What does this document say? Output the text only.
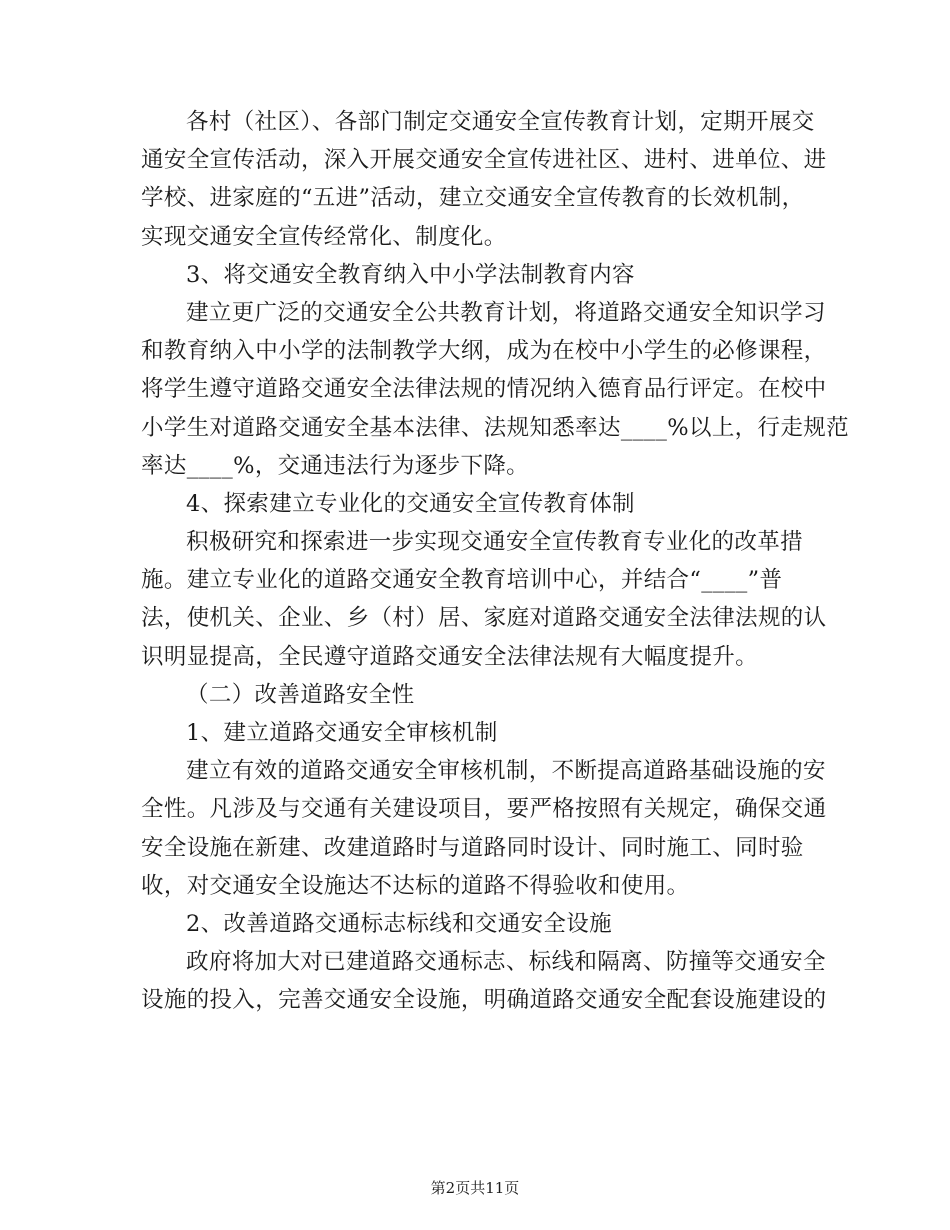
各村（社区）、各部门制定交通安全宣传教育计划，定期开展交
通安全宣传活动，深入开展交通安全宣传进社区、进村、进单位、进
学校、进家庭的“五进”活动，建立交通安全宣传教育的长效机制，
实现交通安全宣传经常化、制度化。
3、将交通安全教育纳入中小学法制教育内容
建立更广泛的交通安全公共教育计划，将道路交通安全知识学习
和教育纳入中小学的法制教学大纲，成为在校中小学生的必修课程，
将学生遵守道路交通安全法律法规的情况纳入德育品行评定。在校中
小学生对道路交通安全基本法律、法规知悉率达____%以上，行走规范
率达____%，交通违法行为逐步下降。
4、探索建立专业化的交通安全宣传教育体制
积极研究和探索进一步实现交通安全宣传教育专业化的改革措
施。建立专业化的道路交通安全教育培训中心，并结合“____”普
法，使机关、企业、乡（村）居、家庭对道路交通安全法律法规的认
识明显提高，全民遵守道路交通安全法律法规有大幅度提升。
（二）改善道路安全性
1、建立道路交通安全审核机制
建立有效的道路交通安全审核机制，不断提高道路基础设施的安
全性。凡涉及与交通有关建设项目，要严格按照有关规定，确保交通
安全设施在新建、改建道路时与道路同时设计、同时施工、同时验
收，对交通安全设施达不达标的道路不得验收和使用。
2、改善道路交通标志标线和交通安全设施
政府将加大对已建道路交通标志、标线和隔离、防撞等交通安全
设施的投入，完善交通安全设施，明确道路交通安全配套设施建设的
第2页共11页
